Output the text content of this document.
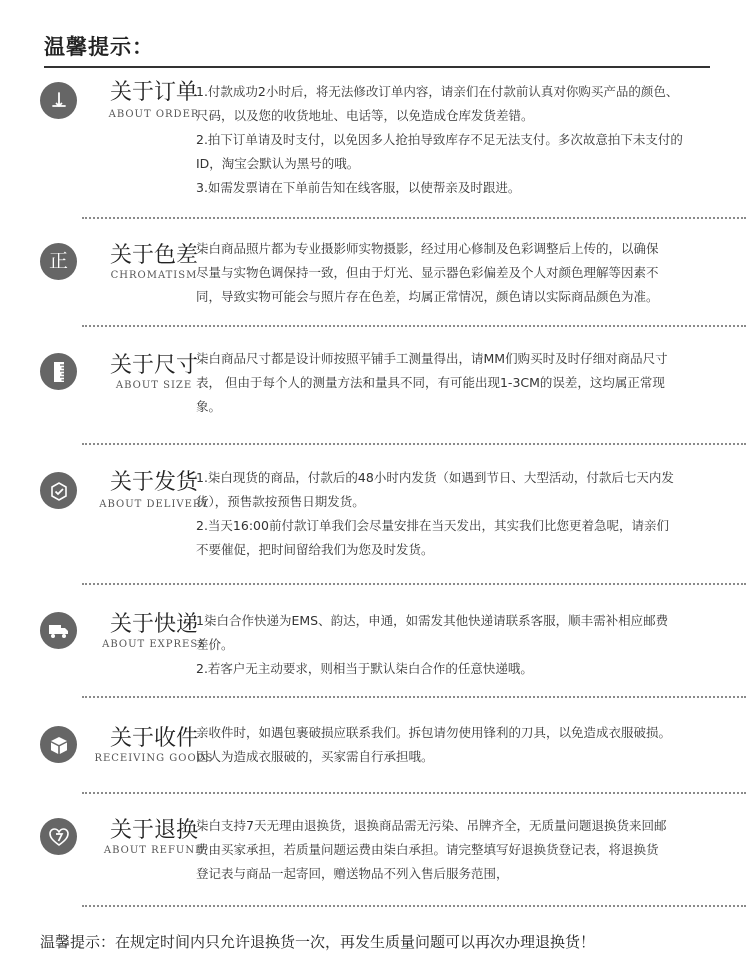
温馨提示：
关于订单
ABOUT ORDER

1.付款成功2小时后，将无法修改订单内容，请亲们在付款前认真对你购买产品的颜色、

尺码，以及您的收货地址、电话等，以免造成仓库发货差错。

2.拍下订单请及时支付，以免因多人抢拍导致库存不足无法支付。多次故意拍下未支付的

ID，淘宝会默认为黑号的哦。

3.如需发票请在下单前告知在线客服，以使帮亲及时跟进。

正	关于色差
CHROMATISM

柒白商品照片都为专业摄影师实物摄影，经过用心修制及色彩调整后上传的，以确保

尽量与实物色调保持一致，但由于灯光、显示器色彩偏差及个人对颜色理解等因素不

同，导致实物可能会与照片存在色差，均属正常情况，颜色请以实际商品颜色为准。

关于尺寸
ABOUT SIZE

柒白商品尺寸都是设计师按照平铺手工测量得出，请MM们购买时及时仔细对商品尺寸

表， 但由于每个人的测量方法和量具不同，有可能出现1-3CM的误差，这均属正常现

象。

关于发货
ABOUT DELIVERY

1.柒白现货的商品，付款后的48小时内发货（如遇到节日、大型活动，付款后七天内发

货），预售款按预售日期发货。

2.当天16:00前付款订单我们会尽量安排在当天发出，其实我们比您更着急呢，请亲们

不要催促，把时间留给我们为您及时发货。

关于快递
ABOUT EXPRESS

1柒白合作快递为EMS、韵达，申通，如需发其他快递请联系客服，顺丰需补相应邮费

差价。

2.若客户无主动要求，则相当于默认柒白合作的任意快递哦。

关于收件
RECEIVING GOODS

亲收件时，如遇包裹破损应联系我们。拆包请勿使用锋利的刀具，以免造成衣服破损。

因人为造成衣服破的，买家需自行承担哦。

关于退换
ABOUT REFUND

柒白支持7天无理由退换货，退换商品需无污染、吊牌齐全，无质量问题退换货来回邮

费由买家承担，若质量问题运费由柒白承担。请完整填写好退换货登记表，将退换货

登记表与商品一起寄回，赠送物品不列入售后服务范围，

温馨提示：在规定时间内只允许退换货一次，再发生质量问题可以再次办理退换货！
